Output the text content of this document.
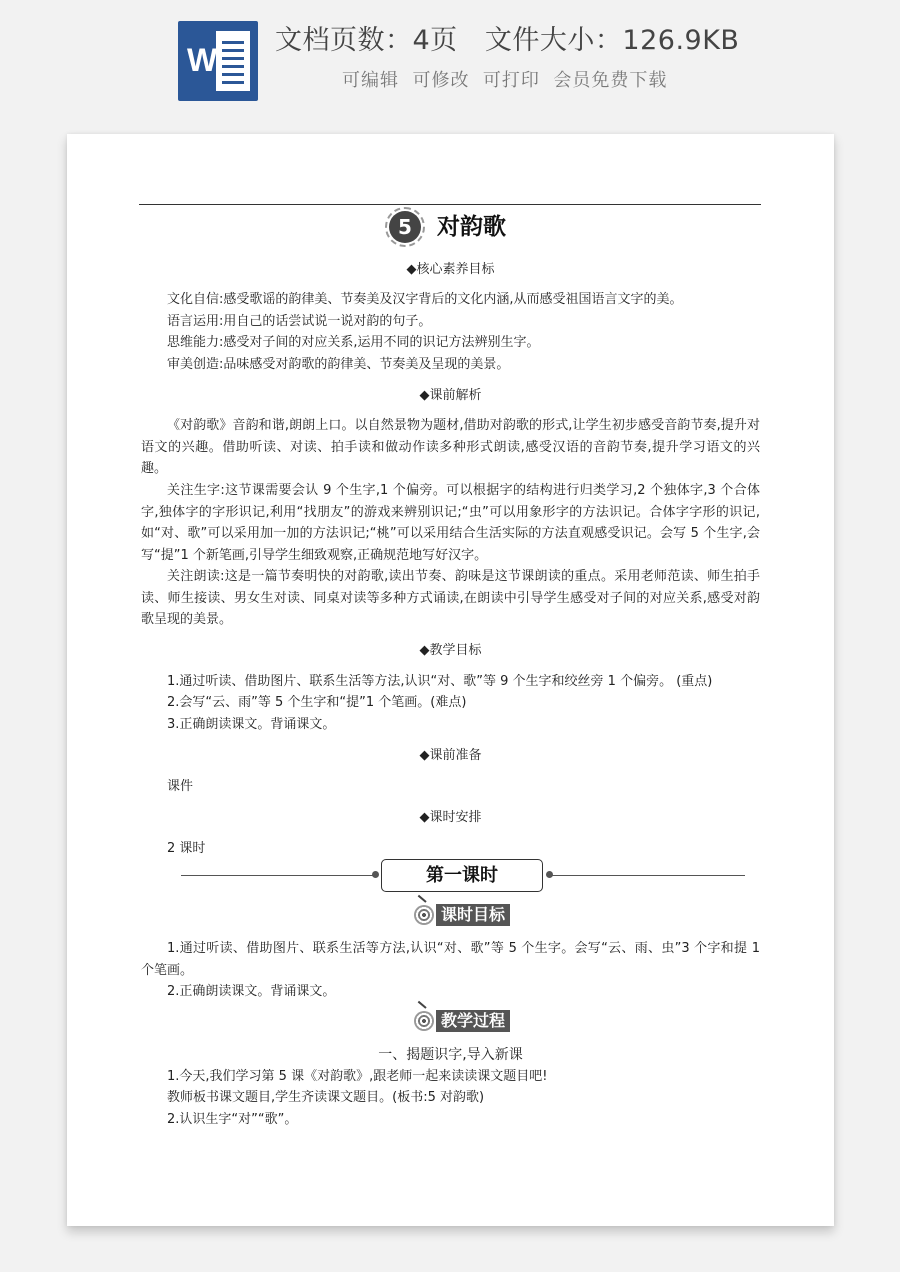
W
文档页数：4页   文件大小：126.9KB
可编辑  可修改  可打印  会员免费下载
5	对韵歌
◆核心素养目标
文化自信:感受歌谣的韵律美、节奏美及汉字背后的文化内涵,从而感受祖国语言文字的美。
语言运用:用自己的话尝试说一说对韵的句子。
思维能力:感受对子间的对应关系,运用不同的识记方法辨别生字。
审美创造:品味感受对韵歌的韵律美、节奏美及呈现的美景。
◆课前解析
《对韵歌》音韵和谐,朗朗上口。以自然景物为题材,借助对韵歌的形式,让学生初步感受音韵节奏,提升对语文的兴趣。借助听读、对读、拍手读和做动作读多种形式朗读,感受汉语的音韵节奏,提升学习语文的兴趣。
关注生字:这节课需要会认 9 个生字,1 个偏旁。可以根据字的结构进行归类学习,2 个独体字,3 个合体字,独体字的字形识记,利用“找朋友”的游戏来辨别识记;“虫”可以用象形字的方法识记。合体字字形的识记,如“对、歌”可以采用加一加的方法识记;“桃”可以采用结合生活实际的方法直观感受识记。会写 5 个生字,会写“提”1 个新笔画,引导学生细致观察,正确规范地写好汉字。
关注朗读:这是一篇节奏明快的对韵歌,读出节奏、韵味是这节课朗读的重点。采用老师范读、师生拍手读、师生接读、男女生对读、同桌对读等多种方式诵读,在朗读中引导学生感受对子间的对应关系,感受对韵歌呈现的美景。
◆教学目标
1.通过听读、借助图片、联系生活等方法,认识“对、歌”等 9 个生字和绞丝旁 1 个偏旁。 (重点)
2.会写“云、雨”等 5 个生字和“提”1 个笔画。(难点)
3.正确朗读课文。背诵课文。
◆课前准备
课件
◆课时安排
2 课时
第一课时
课时目标
1.通过听读、借助图片、联系生活等方法,认识“对、歌”等 5 个生字。会写“云、雨、虫”3 个字和提 1 个笔画。
2.正确朗读课文。背诵课文。
教学过程
一、揭题识字,导入新课
1.今天,我们学习第 5 课《对韵歌》,跟老师一起来读读课文题目吧!
教师板书课文题目,学生齐读课文题目。(板书:5 对韵歌)
2.认识生字“对”“歌”。
